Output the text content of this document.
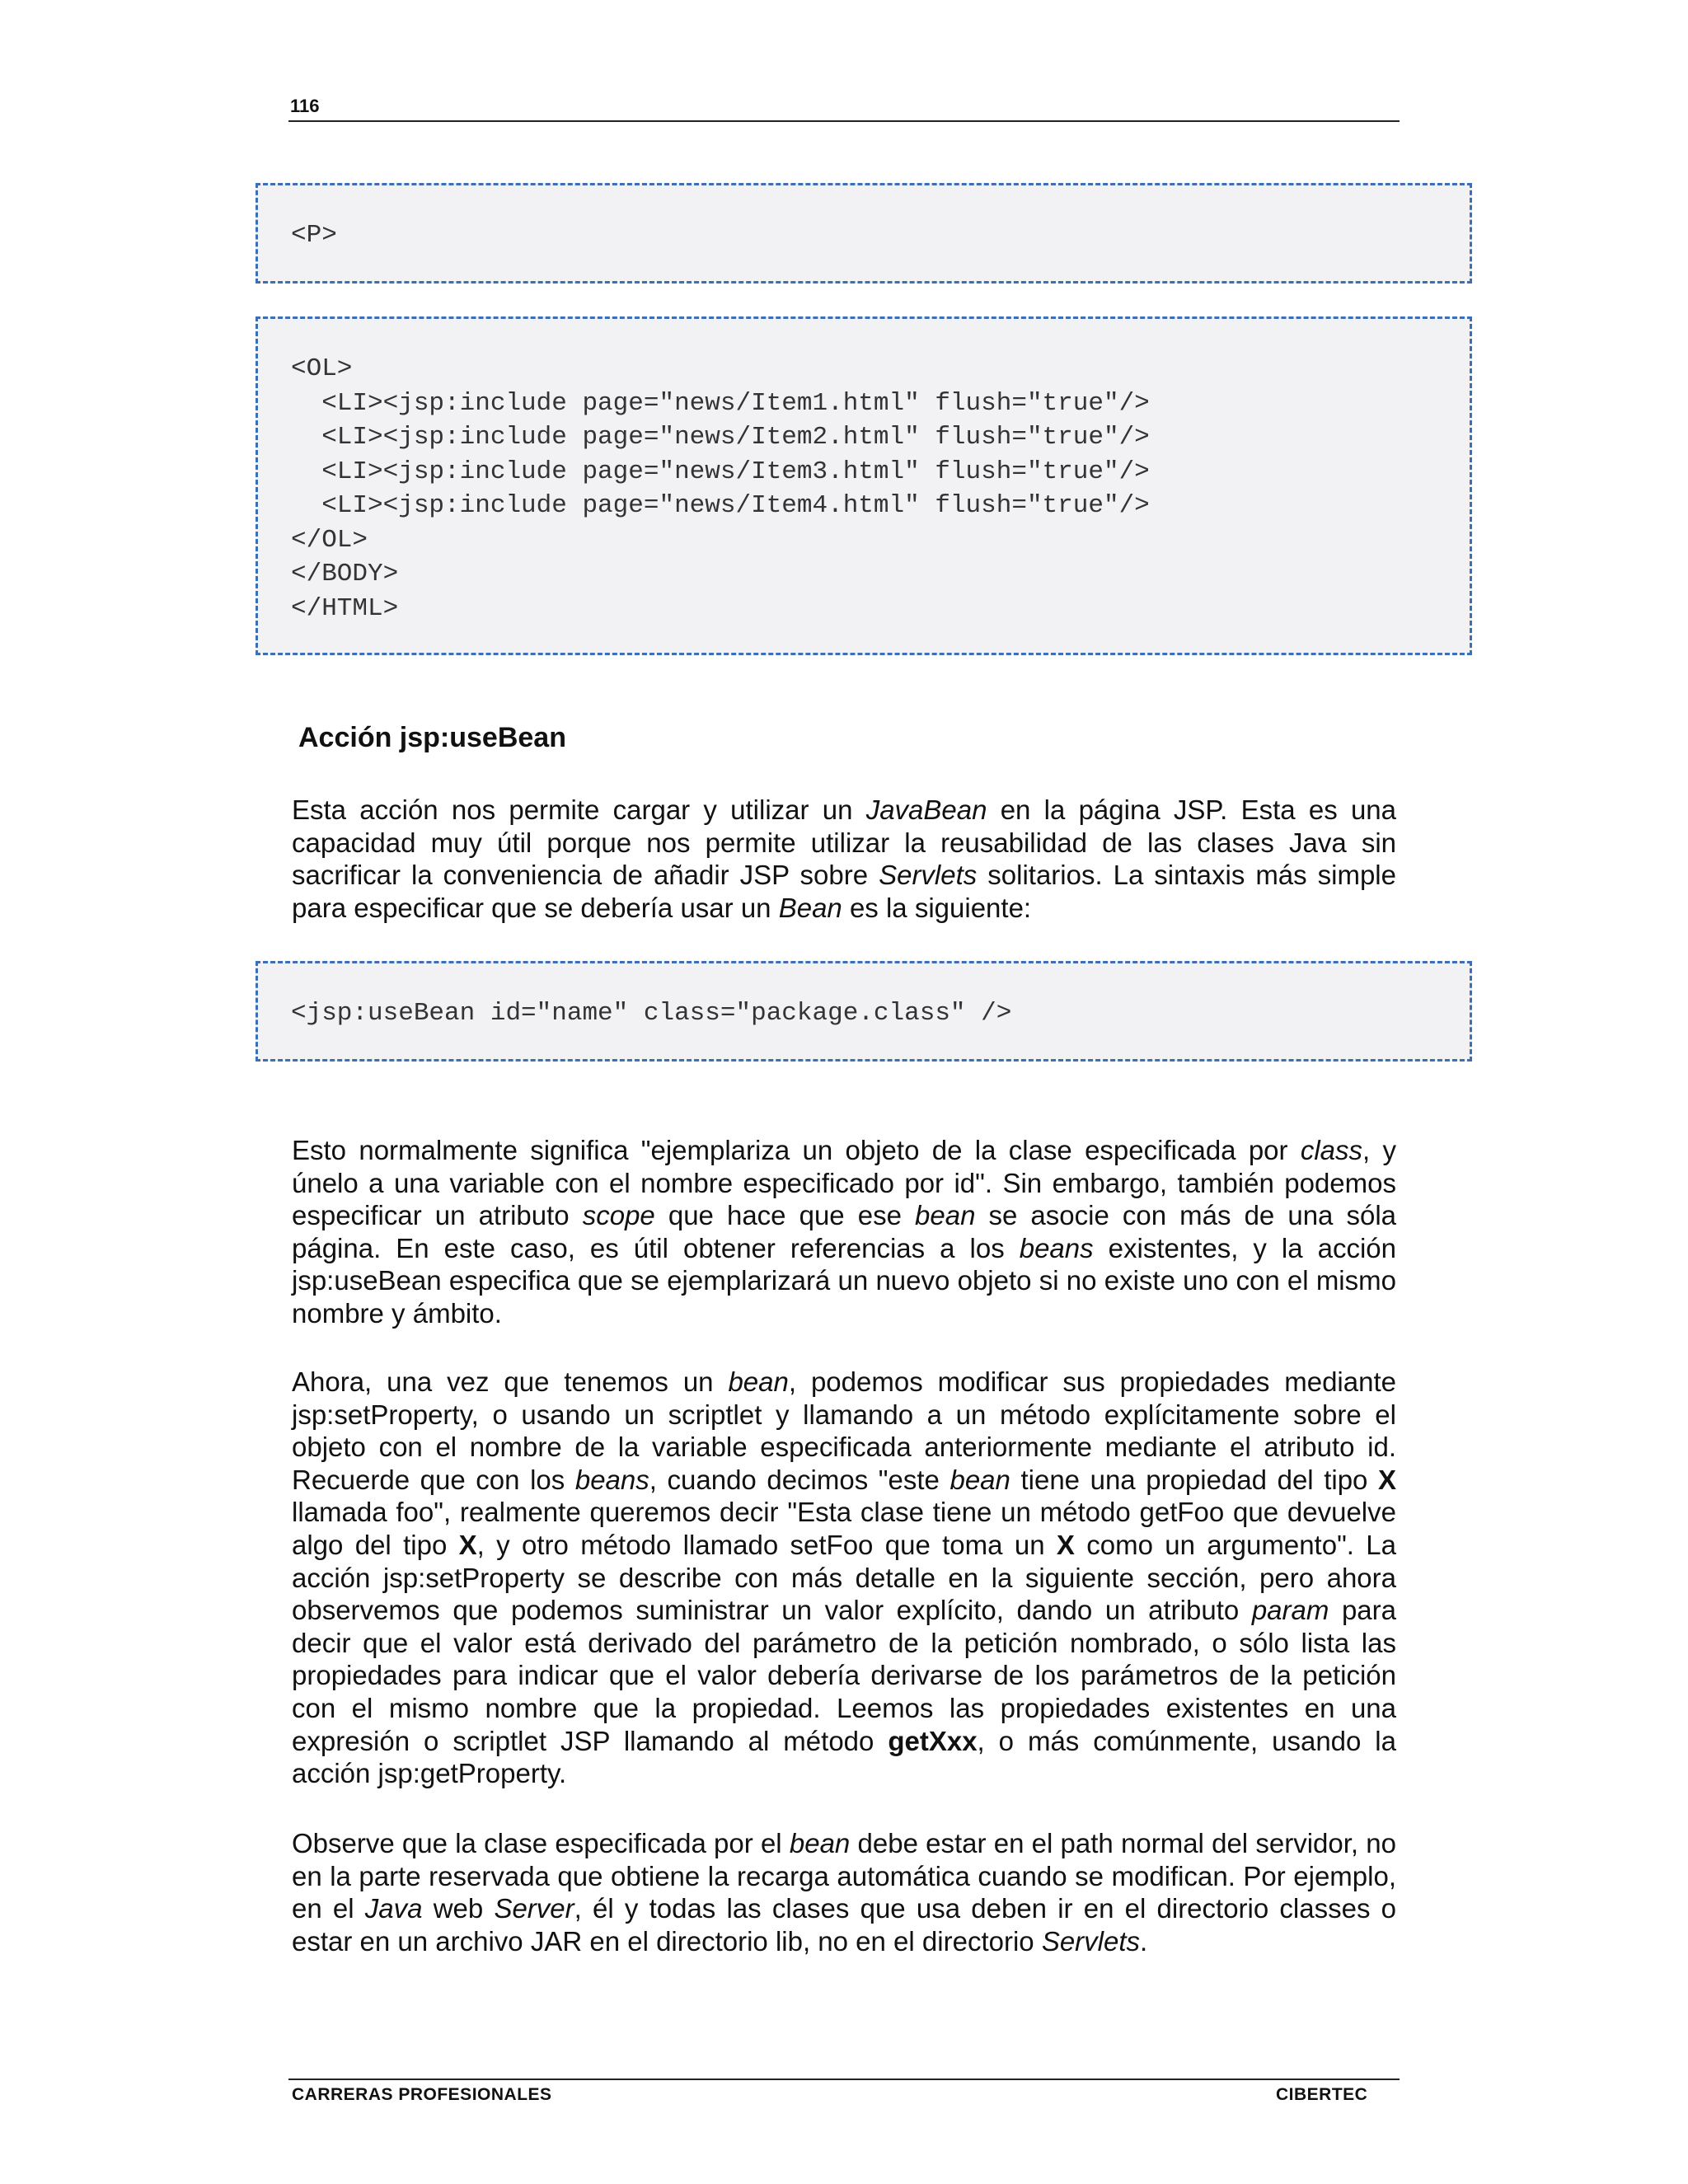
116
<P>
<OL>
<LI><jsp:include page="news/Item1.html" flush="true"/>
<LI><jsp:include page="news/Item2.html" flush="true"/>
<LI><jsp:include page="news/Item3.html" flush="true"/>
<LI><jsp:include page="news/Item4.html" flush="true"/>
</OL>
</BODY>
</HTML>
Acción jsp:useBean

Esta acción nos permite cargar y utilizar un JavaBean en la página JSP. Esta es una capacidad muy útil porque nos permite utilizar la reusabilidad de las clases Java sin sacrificar la conveniencia de añadir JSP sobre Servlets solitarios. La sintaxis más simple para especificar que se debería usar un Bean es la siguiente:

<jsp:useBean id="name" class="package.class" />

Esto normalmente significa "ejemplariza un objeto de la clase especificada por class, y únelo a una variable con el nombre especificado por id". Sin embargo, también podemos especificar un atributo scope que hace que ese bean se asocie con más de una sóla página. En este caso, es útil obtener referencias a los beans existentes, y la acción jsp:useBean especifica que se ejemplarizará un nuevo objeto si no existe uno con el mismo nombre y ámbito.

Ahora, una vez que tenemos un bean, podemos modificar sus propiedades mediante jsp:setProperty, o usando un scriptlet y llamando a un método explícitamente sobre el objeto con el nombre de la variable especificada anteriormente mediante el atributo id. Recuerde que con los beans, cuando decimos "este bean tiene una propiedad del tipo X llamada foo", realmente queremos decir "Esta clase tiene un método getFoo que devuelve algo del tipo X, y otro método llamado setFoo que toma un X como un argumento". La acción jsp:setProperty se describe con más detalle en la siguiente sección, pero ahora observemos que podemos suministrar un valor explícito, dando un atributo param para decir que el valor está derivado del parámetro de la petición nombrado, o sólo lista las propiedades para indicar que el valor debería derivarse de los parámetros de la petición con el mismo nombre que la propiedad. Leemos las propiedades existentes en una expresión o scriptlet JSP llamando al método getXxx, o más comúnmente, usando la acción jsp:getProperty.

Observe que la clase especificada por el bean debe estar en el path normal del servidor, no en la parte reservada que obtiene la recarga automática cuando se modifican. Por ejemplo, en el Java web Server, él y todas las clases que usa deben ir en el directorio classes o estar en un archivo JAR en el directorio lib, no en el directorio Servlets.

CARRERAS PROFESIONALES	CIBERTEC
